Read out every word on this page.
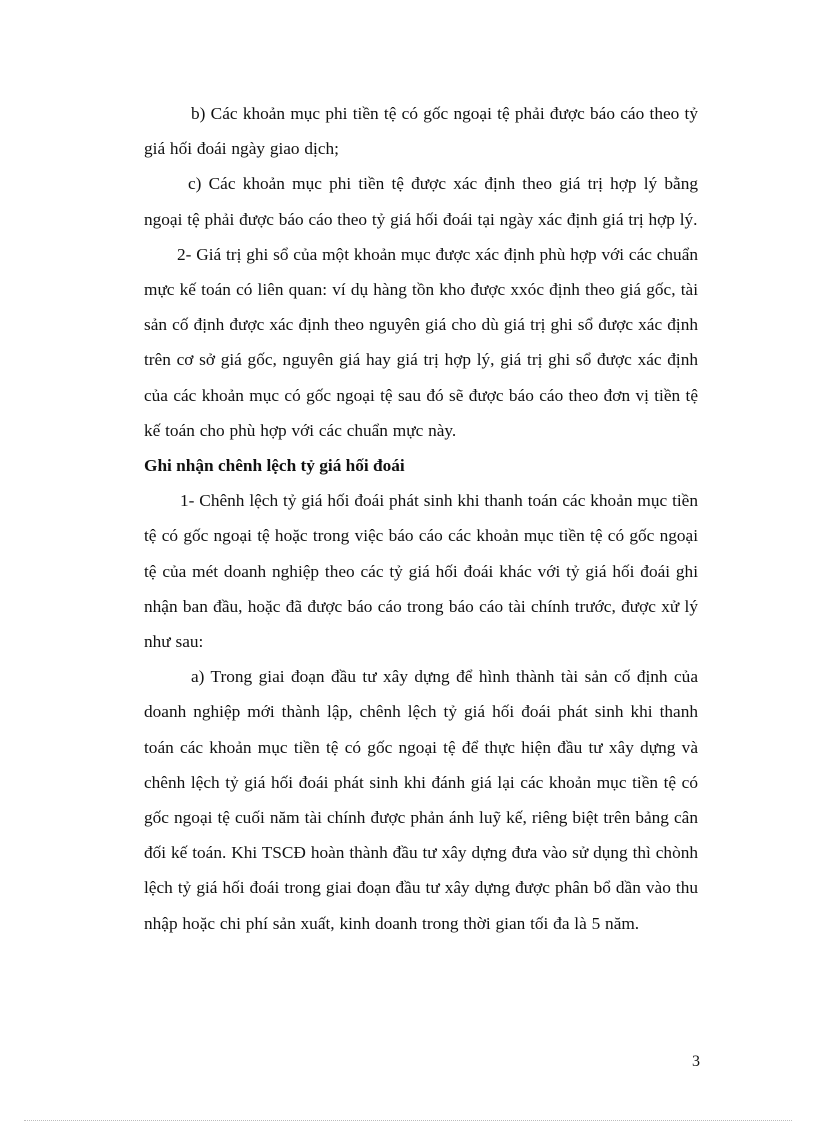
b) Các khoản mục phi tiền tệ có gốc ngoại tệ phải được báo cáo theo tỷ giá hối đoái ngày giao dịch;

c) Các khoản mục phi tiền tệ được xác định theo giá trị hợp lý bằng ngoại tệ phải được báo cáo theo tỷ giá hối đoái tại ngày xác định giá trị hợp lý.

2- Giá trị ghi sổ của một khoản mục được xác định phù hợp với các chuẩn mực kế toán có liên quan: ví dụ hàng tồn kho được xxóc định theo giá gốc, tài sản cố định được xác định theo nguyên giá cho dù giá trị ghi sổ được xác định trên cơ sở giá gốc, nguyên giá hay giá trị hợp lý, giá trị ghi sổ được xác định của các khoản mục có gốc ngoại tệ sau đó sẽ được báo cáo theo đơn vị tiền tệ kế toán cho phù hợp với các chuẩn mực này.

Ghi nhận chênh lệch tỷ giá hối đoái

1- Chênh lệch tỷ giá hối đoái phát sinh khi thanh toán các khoản mục tiền tệ có gốc ngoại tệ hoặc trong việc báo cáo các khoản mục tiền tệ có gốc ngoại tệ của mét doanh nghiệp theo các tỷ giá hối đoái khác với tỷ giá hối đoái ghi nhận ban đầu, hoặc đã được báo cáo trong báo cáo tài chính trước, được xử lý như sau:

a) Trong giai đoạn đầu tư xây dựng để hình thành tài sản cố định của doanh nghiệp mới thành lập, chênh lệch tỷ giá hối đoái phát sinh khi thanh toán các khoản mục tiền tệ có gốc ngoại tệ để thực hiện đầu tư xây dựng và chênh lệch tỷ giá hối đoái phát sinh khi đánh giá lại các khoản mục tiền tệ có gốc ngoại tệ cuối năm tài chính được phản ánh luỹ kế, riêng biệt trên bảng cân đối kế toán. Khi TSCĐ hoàn thành đầu tư xây dựng đưa vào sử dụng thì chònh lệch tỷ giá hối đoái trong giai đoạn đầu tư xây dựng được phân bổ dần vào thu nhập hoặc chi phí sản xuất, kinh doanh trong thời gian tối đa là 5 năm.

3
